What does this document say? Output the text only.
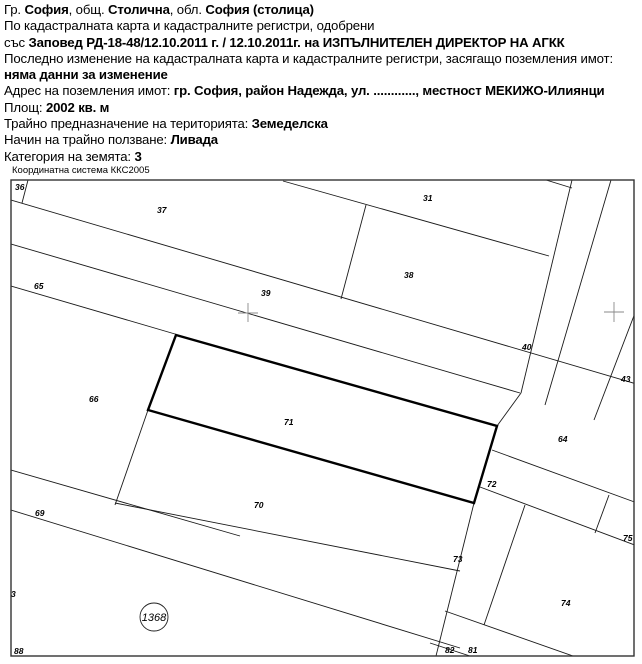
Гр. София, общ. Столична, обл. София (столица)
По кадастралната карта и кадастралните регистри, одобрени
със Заповед РД-18-48/12.10.2011 г. / 12.10.2011г. на ИЗПЪЛНИТЕЛЕН ДИРЕКТОР НА АГКК
Последно изменение на кадастралната карта и кадастралните регистри, засягащо поземления имот:
няма данни за изменение
Адрес на поземления имот: гр. София, район Надежда, ул. ............, местност МЕКИЖО-Илиянци
Площ: 2002 кв. м
Трайно предназначение на територията: Земеделска
Начин на трайно ползване: Ливада
Категория на земята: 3
Координатна система ККС2005
1368
36
37
31
38
39
65
40
43
66
71
64
72
70
69
75
73
3
74
88	82 81
